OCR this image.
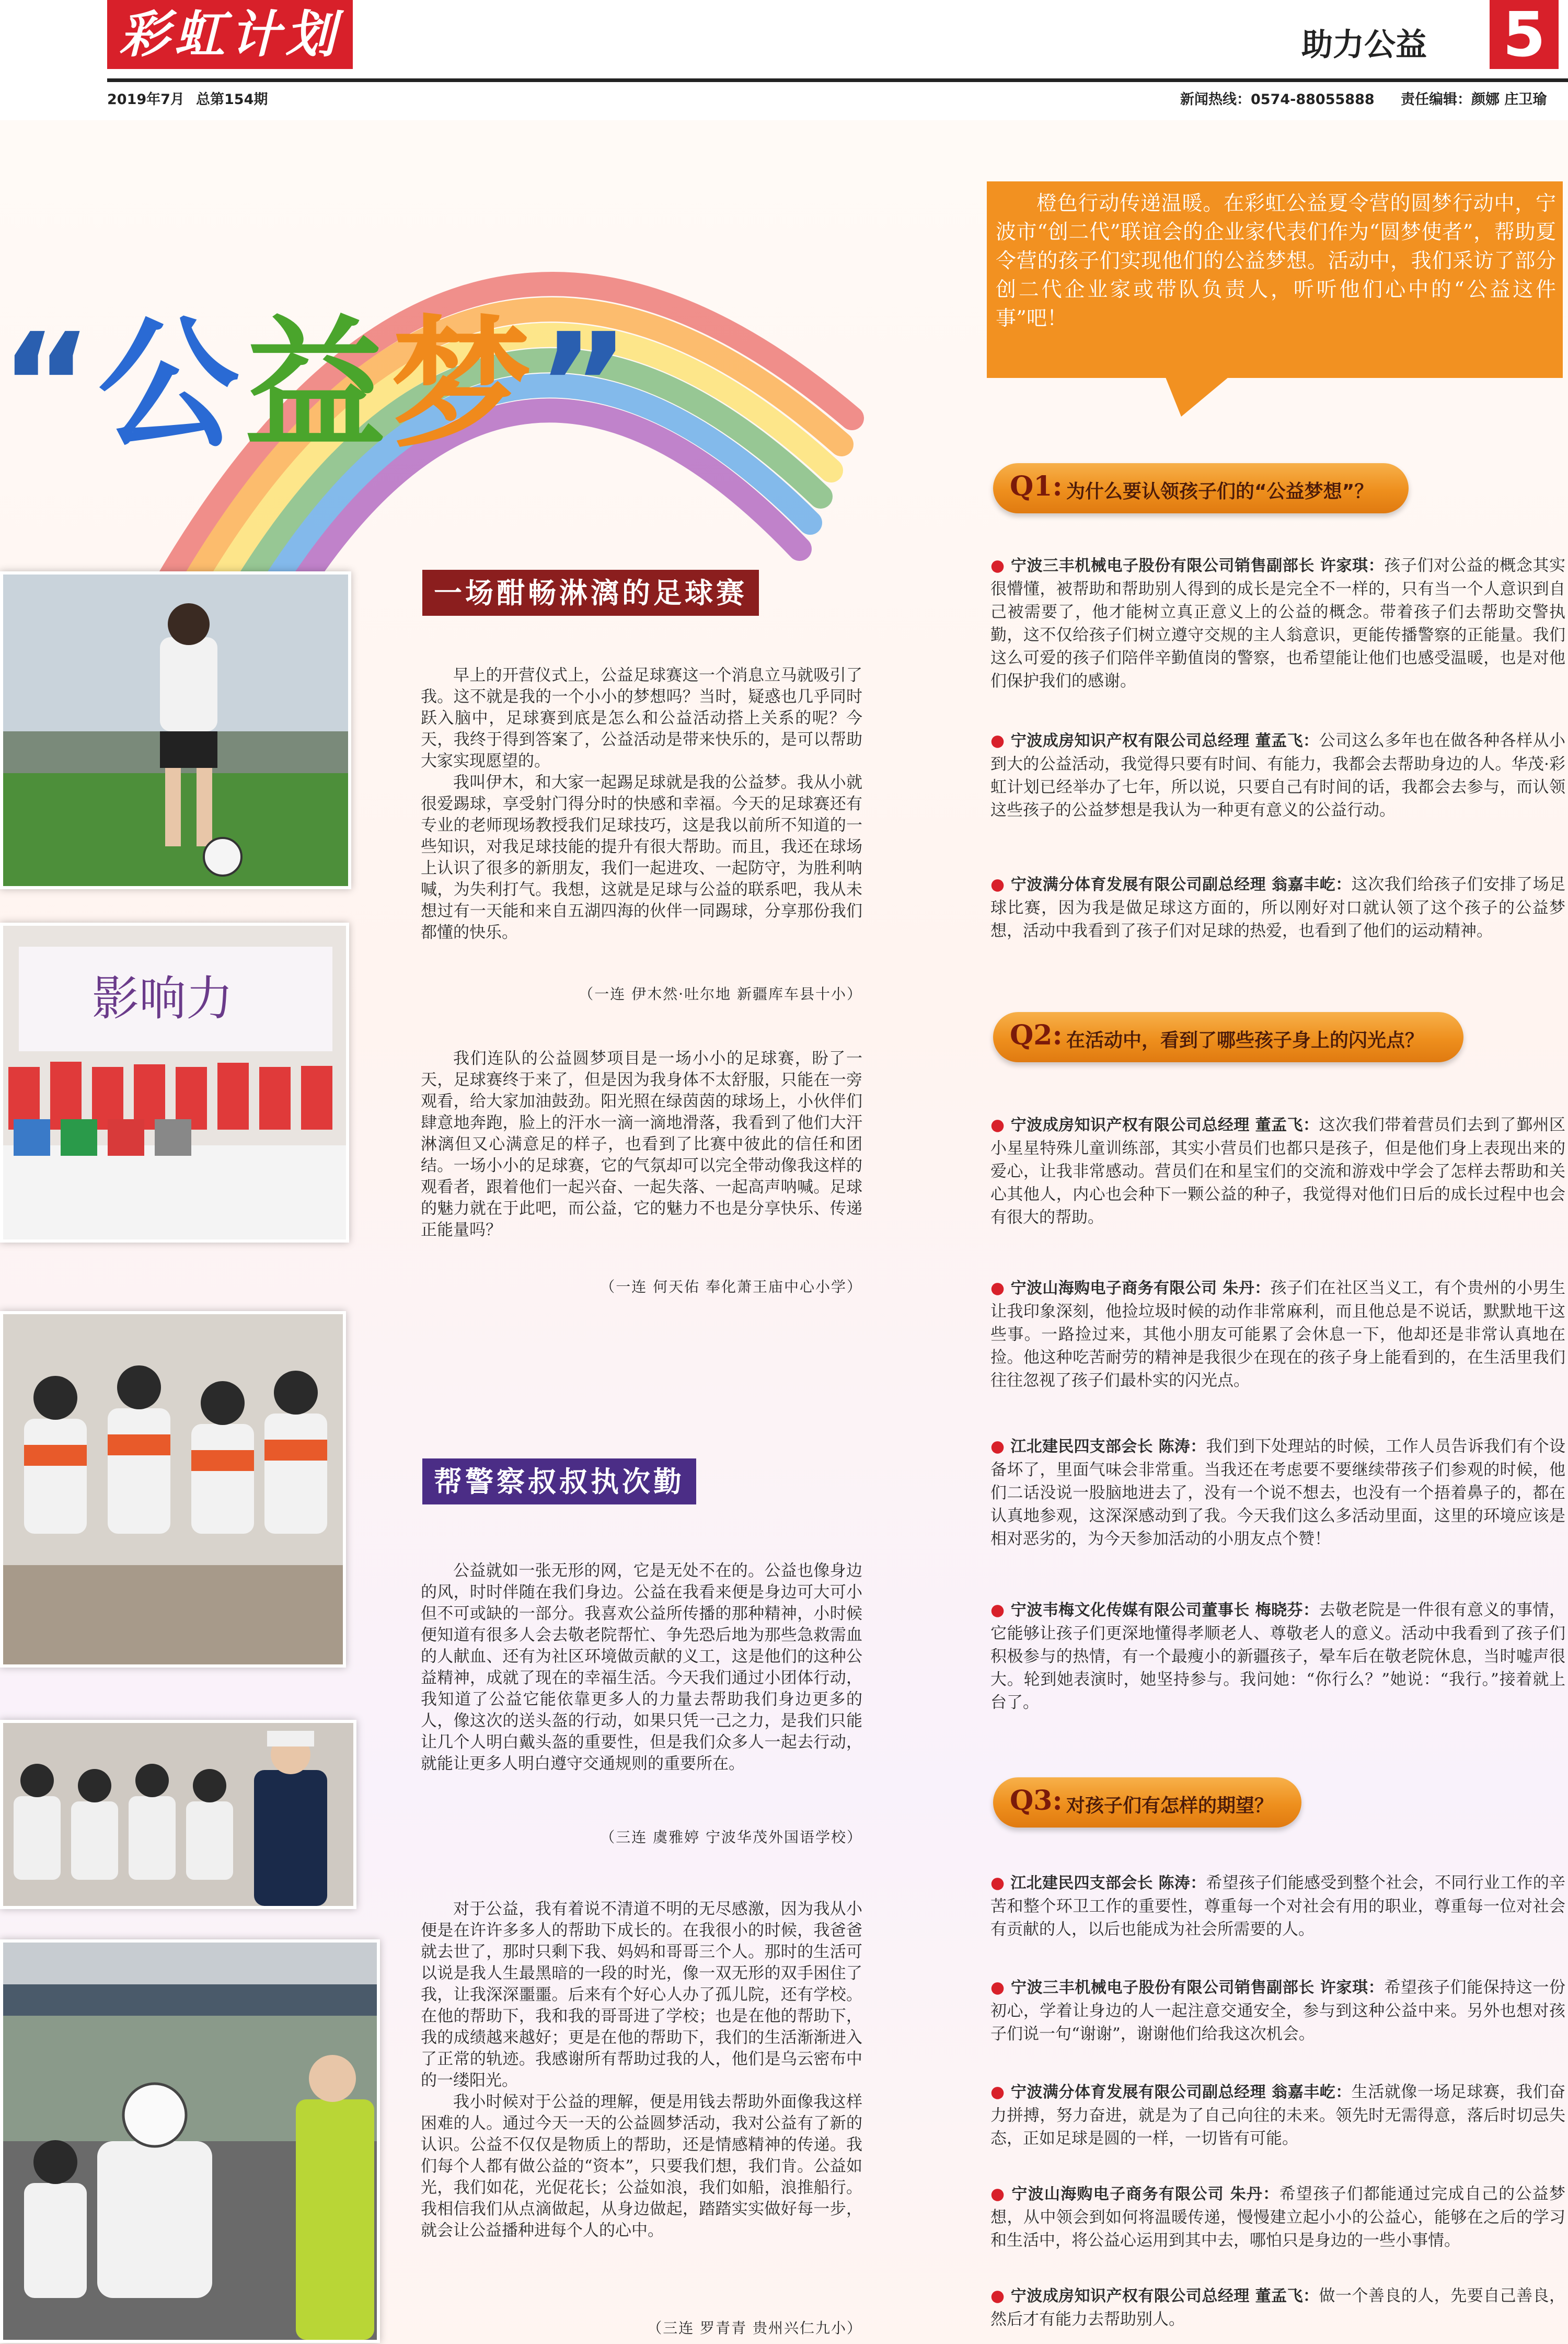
彩虹计划	助力公益 5
2019年7月 总第154期	新闻热线：0574-88055888 责任编辑：颜娜 庄卫瑜
“公益梦”
橙色行动传递温暖。在彩虹公益夏令营的圆梦行动中，宁波市“创二代”联谊会的企业家代表们作为“圆梦使者”，帮助夏令营的孩子们实现他们的公益梦想。活动中，我们采访了部分创二代企业家或带队负责人，听听他们心中的“公益这件事”吧！
影响力
一场酣畅淋漓的足球赛

早上的开营仪式上，公益足球赛这一个消息立马就吸引了我。这不就是我的一个小小的梦想吗？当时，疑惑也几乎同时跃入脑中，足球赛到底是怎么和公益活动搭上关系的呢？今天，我终于得到答案了，公益活动是带来快乐的，是可以帮助大家实现愿望的。

我叫伊木，和大家一起踢足球就是我的公益梦。我从小就很爱踢球，享受射门得分时的快感和幸福。今天的足球赛还有专业的老师现场教授我们足球技巧，这是我以前所不知道的一些知识，对我足球技能的提升有很大帮助。而且，我还在球场上认识了很多的新朋友，我们一起进攻、一起防守，为胜利呐喊，为失利打气。我想，这就是足球与公益的联系吧，我从未想过有一天能和来自五湖四海的伙伴一同踢球，分享那份我们都懂的快乐。

（一连 伊木然·吐尔地 新疆库车县十小）

我们连队的公益圆梦项目是一场小小的足球赛，盼了一天，足球赛终于来了，但是因为我身体不太舒服，只能在一旁观看，给大家加油鼓劲。阳光照在绿茵茵的球场上，小伙伴们肆意地奔跑，脸上的汗水一滴一滴地滑落，我看到了他们大汗淋漓但又心满意足的样子，也看到了比赛中彼此的信任和团结。一场小小的足球赛，它的气氛却可以完全带动像我这样的观看者，跟着他们一起兴奋、一起失落、一起高声呐喊。足球的魅力就在于此吧，而公益，它的魅力不也是分享快乐、传递正能量吗？

（一连 何天佑 奉化萧王庙中心小学）
帮警察叔叔执次勤

公益就如一张无形的网，它是无处不在的。公益也像身边的风，时时伴随在我们身边。公益在我看来便是身边可大可小但不可或缺的一部分。我喜欢公益所传播的那种精神，小时候便知道有很多人会去敬老院帮忙、争先恐后地为那些急救需血的人献血、还有为社区环境做贡献的义工，这是他们的这种公益精神，成就了现在的幸福生活。今天我们通过小团体行动，我知道了公益它能依靠更多人的力量去帮助我们身边更多的人，像这次的送头盔的行动，如果只凭一己之力，是我们只能让几个人明白戴头盔的重要性，但是我们众多人一起去行动，就能让更多人明白遵守交通规则的重要所在。

（三连 虞雅婷 宁波华茂外国语学校）

对于公益，我有着说不清道不明的无尽感激，因为我从小便是在许许多多人的帮助下成长的。在我很小的时候，我爸爸就去世了，那时只剩下我、妈妈和哥哥三个人。那时的生活可以说是我人生最黑暗的一段的时光，像一双无形的双手困住了我，让我深深噩噩。后来有个好心人办了孤儿院，还有学校。在他的帮助下，我和我的哥哥进了学校；也是在他的帮助下，我的成绩越来越好；更是在他的帮助下，我们的生活渐渐进入了正常的轨迹。我感谢所有帮助过我的人，他们是乌云密布中的一缕阳光。

我小时候对于公益的理解，便是用钱去帮助外面像我这样困难的人。通过今天一天的公益圆梦活动，我对公益有了新的认识。公益不仅仅是物质上的帮助，还是情感精神的传递。我们每个人都有做公益的“资本”，只要我们想，我们肯。公益如光，我们如花，光促花长；公益如浪，我们如船，浪推船行。我相信我们从点滴做起，从身边做起，踏踏实实做好每一步，就会让公益播种进每个人的心中。

（三连 罗青青 贵州兴仁九小）
Q1: 为什么要认领孩子们的“公益梦想”？
● 宁波三丰机械电子股份有限公司销售副部长 许家琪：孩子们对公益的概念其实很懵懂，被帮助和帮助别人得到的成长是完全不一样的，只有当一个人意识到自己被需要了，他才能树立真正意义上的公益的概念。带着孩子们去帮助交警执勤，这不仅给孩子们树立遵守交规的主人翁意识，更能传播警察的正能量。我们这么可爱的孩子们陪伴辛勤值岗的警察，也希望能让他们也感受温暖，也是对他们保护我们的感谢。
● 宁波成房知识产权有限公司总经理 董孟飞：公司这么多年也在做各种各样从小到大的公益活动，我觉得只要有时间、有能力，我都会去帮助身边的人。华茂·彩虹计划已经举办了七年，所以说，只要自己有时间的话，我都会去参与，而认领这些孩子的公益梦想是我认为一种更有意义的公益行动。
● 宁波满分体育发展有限公司副总经理 翁嘉丰屹：这次我们给孩子们安排了场足球比赛，因为我是做足球这方面的，所以刚好对口就认领了这个孩子的公益梦想，活动中我看到了孩子们对足球的热爱，也看到了他们的运动精神。
Q2: 在活动中，看到了哪些孩子身上的闪光点？
● 宁波成房知识产权有限公司总经理 董孟飞：这次我们带着营员们去到了鄞州区小星星特殊儿童训练部，其实小营员们也都只是孩子，但是他们身上表现出来的爱心，让我非常感动。营员们在和星宝们的交流和游戏中学会了怎样去帮助和关心其他人，内心也会种下一颗公益的种子，我觉得对他们日后的成长过程中也会有很大的帮助。
● 宁波山海购电子商务有限公司 朱丹：孩子们在社区当义工，有个贵州的小男生让我印象深刻，他捡垃圾时候的动作非常麻利，而且他总是不说话，默默地干这些事。一路捡过来，其他小朋友可能累了会休息一下，他却还是非常认真地在捡。他这种吃苦耐劳的精神是我很少在现在的孩子身上能看到的，在生活里我们往往忽视了孩子们最朴实的闪光点。
● 江北建民四支部会长 陈涛：我们到下处理站的时候，工作人员告诉我们有个设备坏了，里面气味会非常重。当我还在考虑要不要继续带孩子们参观的时候，他们二话没说一股脑地进去了，没有一个说不想去，也没有一个捂着鼻子的，都在认真地参观，这深深感动到了我。今天我们这么多活动里面，这里的环境应该是相对恶劣的，为今天参加活动的小朋友点个赞！
● 宁波韦梅文化传媒有限公司董事长 梅晓芬：去敬老院是一件很有意义的事情，它能够让孩子们更深地懂得孝顺老人、尊敬老人的意义。活动中我看到了孩子们积极参与的热情，有一个最瘦小的新疆孩子，晕车后在敬老院休息，当时嘘声很大。轮到她表演时，她坚持参与。我问她：“你行么？”她说：“我行。”接着就上台了。
Q3: 对孩子们有怎样的期望？
● 江北建民四支部会长 陈涛：希望孩子们能感受到整个社会，不同行业工作的辛苦和整个环卫工作的重要性，尊重每一个对社会有用的职业，尊重每一位对社会有贡献的人，以后也能成为社会所需要的人。
● 宁波三丰机械电子股份有限公司销售副部长 许家琪：希望孩子们能保持这一份初心，学着让身边的人一起注意交通安全，参与到这种公益中来。另外也想对孩子们说一句“谢谢”，谢谢他们给我这次机会。
● 宁波满分体育发展有限公司副总经理 翁嘉丰屹：生活就像一场足球赛，我们奋力拼搏，努力奋进，就是为了自己向往的未来。领先时无需得意，落后时切忌失态，正如足球是圆的一样，一切皆有可能。
● 宁波山海购电子商务有限公司 朱丹：希望孩子们都能通过完成自己的公益梦想，从中领会到如何将温暖传递，慢慢建立起小小的公益心，能够在之后的学习和生活中，将公益心运用到其中去，哪怕只是身边的一些小事情。
● 宁波成房知识产权有限公司总经理 董孟飞：做一个善良的人，先要自己善良，然后才有能力去帮助别人。
